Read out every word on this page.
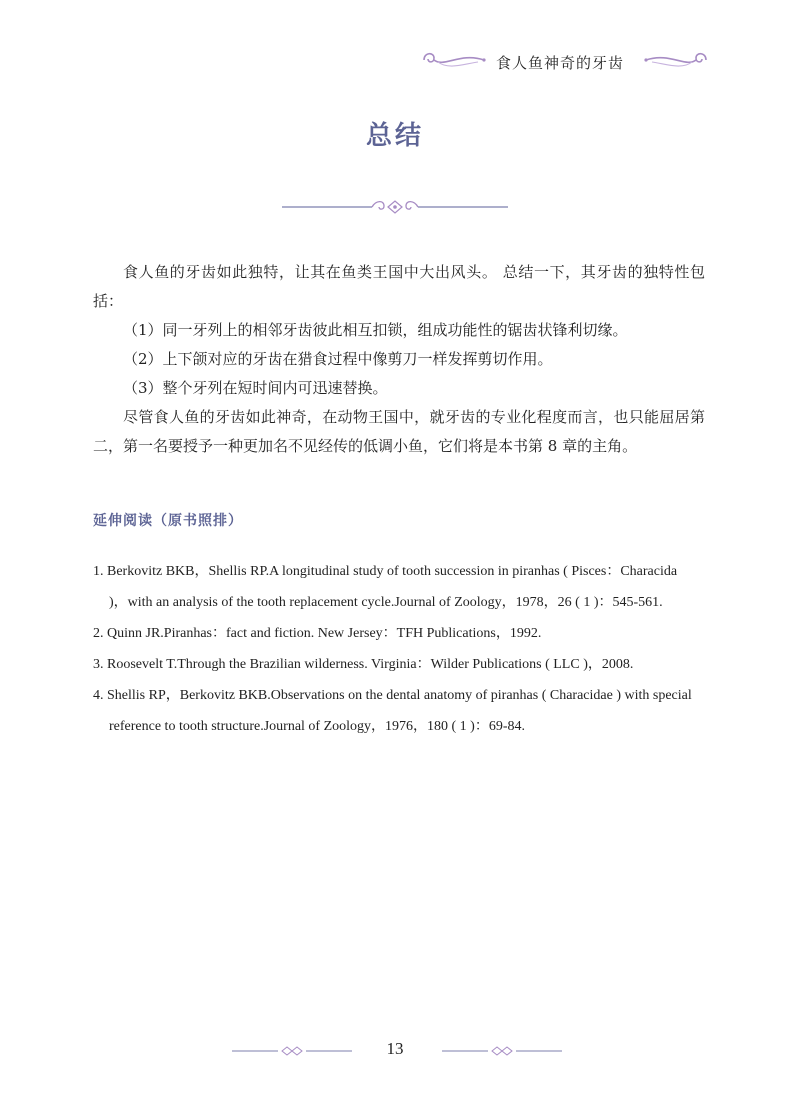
食人鱼神奇的牙齿
总结

食人鱼的牙齿如此独特，让其在鱼类王国中大出风头。 总结一下，其牙齿的独特性包括：

（1）同一牙列上的相邻牙齿彼此相互扣锁，组成功能性的锯齿状锋利切缘。

（2）上下颌对应的牙齿在猎食过程中像剪刀一样发挥剪切作用。

（3）整个牙列在短时间内可迅速替换。

尽管食人鱼的牙齿如此神奇，在动物王国中，就牙齿的专业化程度而言，也只能屈居第二，第一名要授予一种更加名不见经传的低调小鱼，它们将是本书第 8 章的主角。

延伸阅读（原书照排）

1. Berkovitz BKB，Shellis RP.A longitudinal study of tooth succession in piranhas ( Pisces：Characida )，with an analysis of the tooth replacement cycle.Journal of Zoology，1978，26 ( 1 )：545-561.

2. Quinn JR.Piranhas：fact and fiction. New Jersey：TFH Publications，1992.

3. Roosevelt T.Through the Brazilian wilderness. Virginia：Wilder Publications ( LLC )，2008.

4. Shellis RP，Berkovitz BKB.Observations on the dental anatomy of piranhas ( Characidae ) with special reference to tooth structure.Journal of Zoology，1976，180 ( 1 )：69-84.

13
